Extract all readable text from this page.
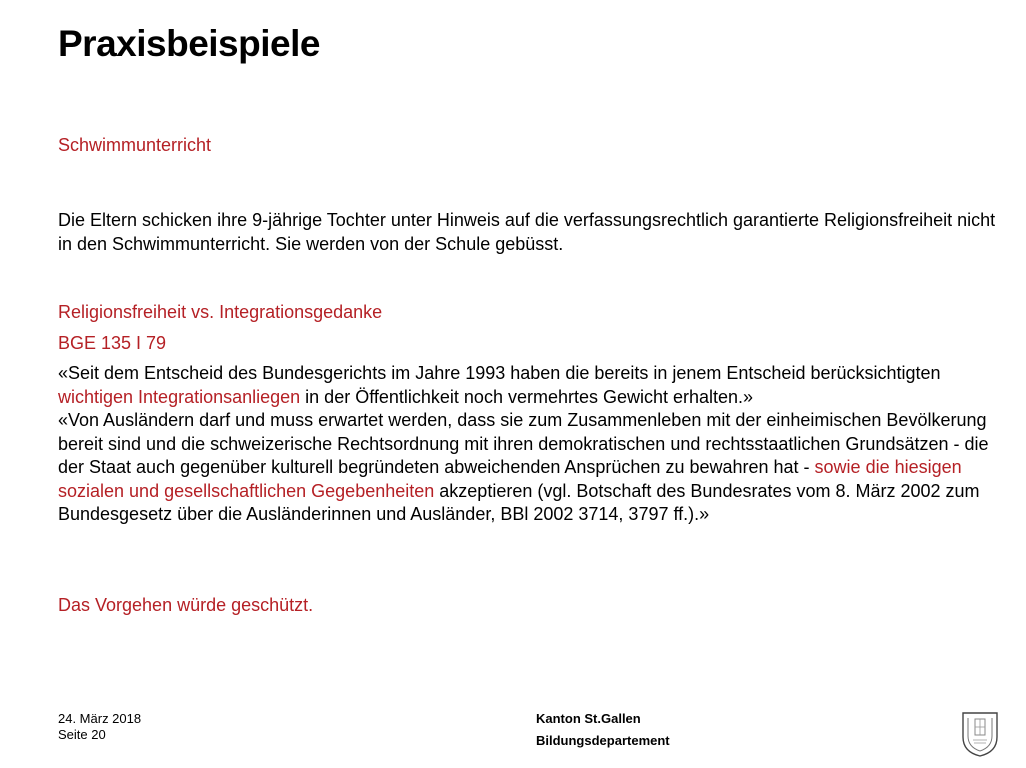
Praxisbeispiele
Schwimmunterricht
Die Eltern schicken ihre 9-jährige Tochter unter Hinweis auf die verfassungsrechtlich garantierte Religionsfreiheit nicht in den Schwimmunterricht. Sie werden von der Schule gebüsst.
Religionsfreiheit vs. Integrationsgedanke
BGE 135 I 79
«Seit dem Entscheid des Bundesgerichts im Jahre 1993 haben die bereits in jenem Entscheid berücksichtigten wichtigen Integrationsanliegen in der Öffentlichkeit noch vermehrtes Gewicht erhalten.»
«Von Ausländern darf und muss erwartet werden, dass sie zum Zusammenleben mit der einheimischen Bevölkerung bereit sind und die schweizerische Rechtsordnung mit ihren demokratischen und rechtsstaatlichen Grundsätzen - die der Staat auch gegenüber kulturell begründeten abweichenden Ansprüchen zu bewahren hat - sowie die hiesigen sozialen und gesellschaftlichen Gegebenheiten akzeptieren (vgl. Botschaft des Bundesrates vom 8. März 2002 zum Bundesgesetz über die Ausländerinnen und Ausländer, BBl 2002 3714, 3797 ff.).»
Das Vorgehen würde geschützt.
24. März 2018
Seite 20
Kanton St.Gallen
Bildungsdepartement
